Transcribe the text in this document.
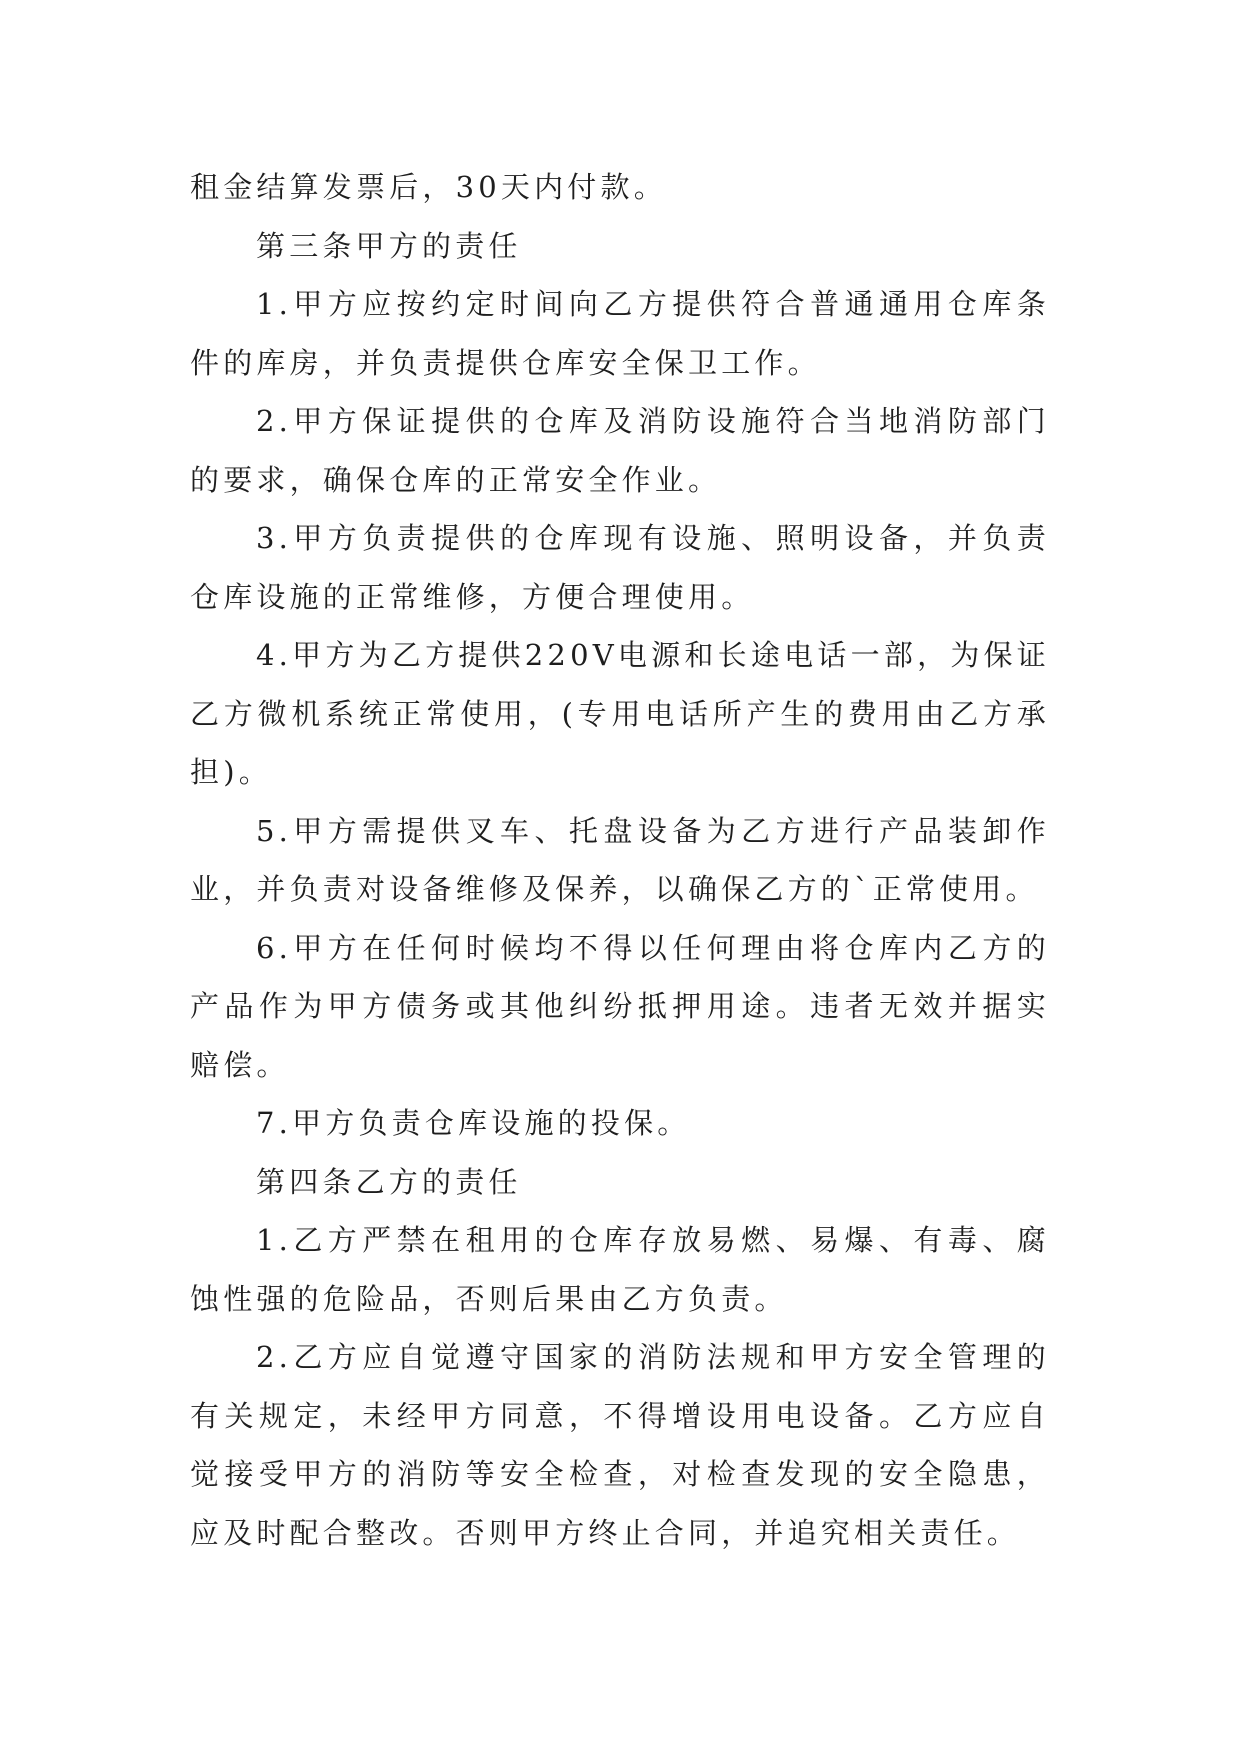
租金结算发票后，30天内付款。

第三条甲方的责任

1.甲方应按约定时间向乙方提供符合普通通用仓库条件的库房，并负责提供仓库安全保卫工作。

2.甲方保证提供的仓库及消防设施符合当地消防部门的要求，确保仓库的正常安全作业。

3.甲方负责提供的仓库现有设施、照明设备，并负责仓库设施的正常维修，方便合理使用。

4.甲方为乙方提供220V电源和长途电话一部，为保证乙方微机系统正常使用，(专用电话所产生的费用由乙方承担)。

5.甲方需提供叉车、托盘设备为乙方进行产品装卸作业，并负责对设备维修及保养，以确保乙方的`正常使用。

6.甲方在任何时候均不得以任何理由将仓库内乙方的产品作为甲方债务或其他纠纷抵押用途。违者无效并据实赔偿。

7.甲方负责仓库设施的投保。

第四条乙方的责任

1.乙方严禁在租用的仓库存放易燃、易爆、有毒、腐蚀性强的危险品，否则后果由乙方负责。

2.乙方应自觉遵守国家的消防法规和甲方安全管理的有关规定，未经甲方同意，不得增设用电设备。乙方应自觉接受甲方的消防等安全检查，对检查发现的安全隐患，应及时配合整改。否则甲方终止合同，并追究相关责任。
